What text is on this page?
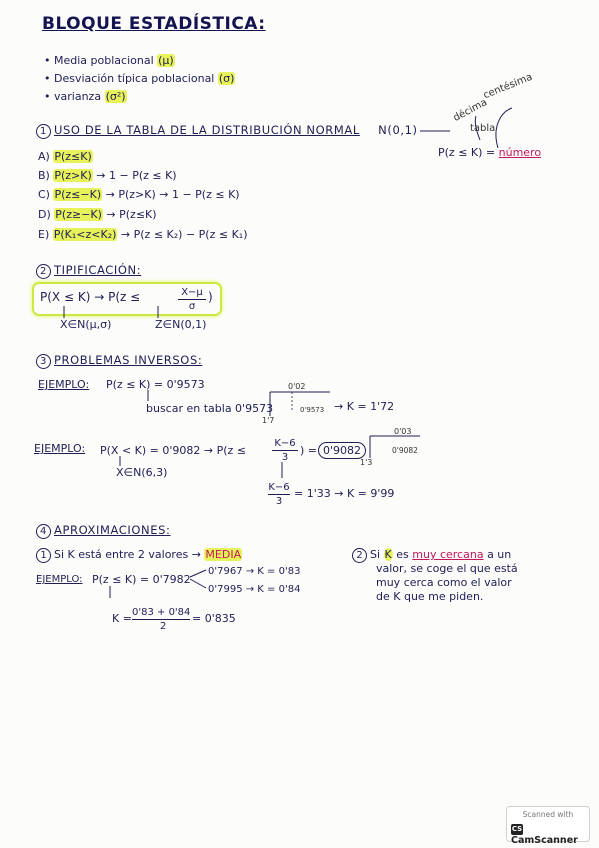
BLOQUE ESTADÍSTICA:
• Media poblacional (μ)
• Desviación típica poblacional (σ)
• varianza (σ²)
décima
centésima
tabla
1 USO DE LA TABLA DE LA DISTRIBUCIÓN NORMAL N(0,1)
P(z ≤ K) = número
A) P(z≤K)
B) P(z>K) → 1 − P(z ≤ K)
C) P(z≤−K) → P(z>K) → 1 − P(z ≤ K)
D) P(z≥−K) → P(z≤K)
E) P(K₁<z<K₂) → P(z ≤ K₂) − P(z ≤ K₁)
2 TIPIFICACIÓN:
P(X ≤ K) → P(z ≤	X−μ
σ
)
X∈N(μ,σ)	Z∈N(0,1)
3 PROBLEMAS INVERSOS:
EJEMPLO: P(z ≤ K) = 0'9573
buscar en tabla 0'9573
0'02
1'7
0'9573 → K = 1'72
EJEMPLO: P(X < K) = 0'9082 → P(z ≤
K−6
3
) = 0'9082
0'03
1'3
0'9082
X∈N(6,3)
K−6
3
= 1'33 → K = 9'99
4 APROXIMACIONES:
1 Si K está entre 2 valores → MEDIA
EJEMPLO: P(z ≤ K) = 0'7982
0'7967 → K = 0'83
0'7995 → K = 0'84
K = 0'83 + 0'84
2
= 0'835
2 Si K es muy cercana a un
valor, se coge el que está
muy cerca como el valor
de K que me piden.
Scanned with
CSCamScanner
